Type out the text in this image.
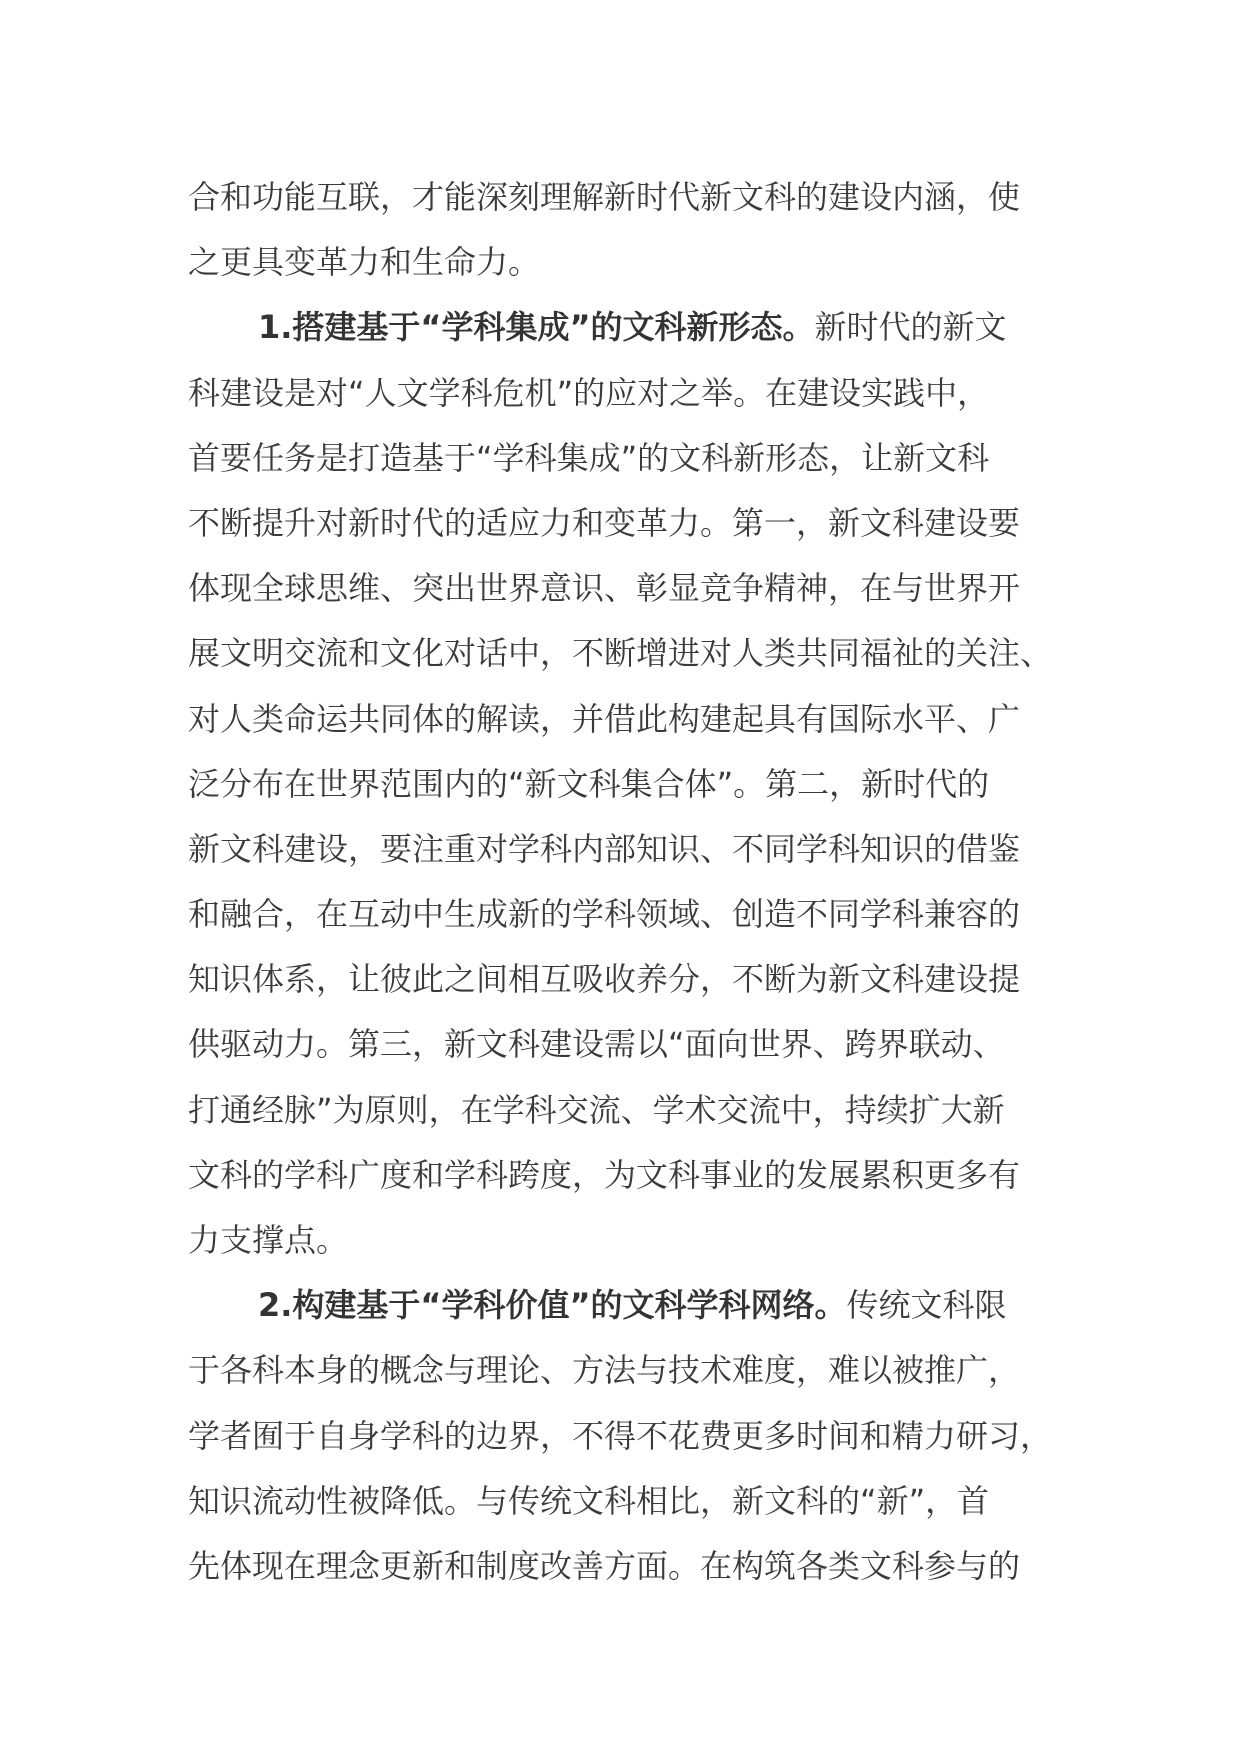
合和功能互联，才能深刻理解新时代新文科的建设内涵，使
之更具变革力和生命力。
1.搭建基于“学科集成”的文科新形态。新时代的新文
科建设是对“人文学科危机”的应对之举。在建设实践中，
首要任务是打造基于“学科集成”的文科新形态，让新文科
不断提升对新时代的适应力和变革力。第一，新文科建设要
体现全球思维、突出世界意识、彰显竞争精神，在与世界开
展文明交流和文化对话中，不断增进对人类共同福祉的关注、
对人类命运共同体的解读，并借此构建起具有国际水平、广
泛分布在世界范围内的“新文科集合体”。第二，新时代的
新文科建设，要注重对学科内部知识、不同学科知识的借鉴
和融合，在互动中生成新的学科领域、创造不同学科兼容的
知识体系，让彼此之间相互吸收养分，不断为新文科建设提
供驱动力。第三，新文科建设需以“面向世界、跨界联动、
打通经脉”为原则，在学科交流、学术交流中，持续扩大新
文科的学科广度和学科跨度，为文科事业的发展累积更多有
力支撑点。
2.构建基于“学科价值”的文科学科网络。传统文科限
于各科本身的概念与理论、方法与技术难度，难以被推广，
学者囿于自身学科的边界，不得不花费更多时间和精力研习，
知识流动性被降低。与传统文科相比，新文科的“新”，首
先体现在理念更新和制度改善方面。在构筑各类文科参与的
